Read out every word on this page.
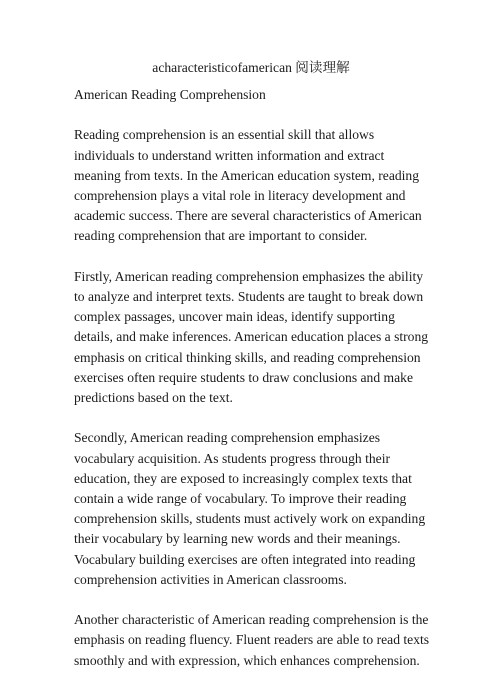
acharacteristicofamerican 阅读理解

American Reading Comprehension

Reading comprehension is an essential skill that allows individuals to understand written information and extract meaning from texts. In the American education system, reading comprehension plays a vital role in literacy development and academic success. There are several characteristics of American reading comprehension that are important to consider.

Firstly, American reading comprehension emphasizes the ability to analyze and interpret texts. Students are taught to break down complex passages, uncover main ideas, identify supporting details, and make inferences. American education places a strong emphasis on critical thinking skills, and reading comprehension exercises often require students to draw conclusions and make predictions based on the text.

Secondly, American reading comprehension emphasizes vocabulary acquisition. As students progress through their education, they are exposed to increasingly complex texts that contain a wide range of vocabulary. To improve their reading comprehension skills, students must actively work on expanding their vocabulary by learning new words and their meanings. Vocabulary building exercises are often integrated into reading comprehension activities in American classrooms.

Another characteristic of American reading comprehension is the emphasis on reading fluency. Fluent readers are able to read texts smoothly and with expression, which enhances comprehension.
